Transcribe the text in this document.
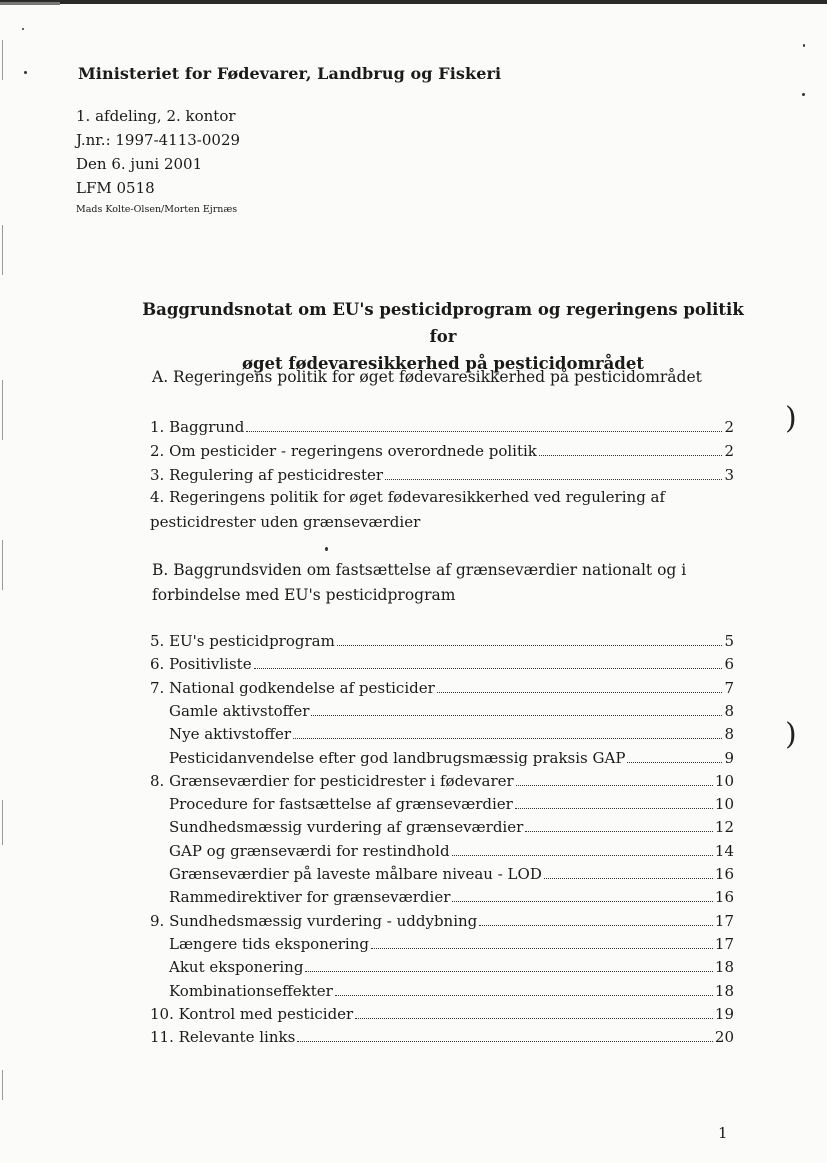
)
)
Ministeriet for Fødevarer, Landbrug og Fiskeri
1. afdeling, 2. kontor
J.nr.: 1997-4113-0029
Den 6. juni 2001
LFM 0518
Mads Kolte-Olsen/Morten Ejrnæs
Baggrundsnotat om EU's pesticidprogram og regeringens politik for
øget fødevaresikkerhed på pesticidområdet
A. Regeringens politik for øget fødevaresikkerhed på pesticidområdet
1. Baggrund	2
2. Om pesticider - regeringens overordnede politik	2
3. Regulering af pesticidrester	3
4. Regeringens politik for øget fødevaresikkerhed ved regulering af
pesticidrester uden grænseværdier
B. Baggrundsviden om fastsættelse af grænseværdier nationalt og i
forbindelse med EU's pesticidprogram
5. EU's pesticidprogram	5
6. Positivliste	6
7. National godkendelse af pesticider	7
Gamle aktivstoffer	8
Nye aktivstoffer	8
Pesticidanvendelse efter god landbrugsmæssig praksis GAP	9
8. Grænseværdier for pesticidrester i fødevarer	10
Procedure for fastsættelse af grænseværdier	10
Sundhedsmæssig vurdering af grænseværdier	12
GAP og grænseværdi for restindhold	14
Grænseværdier på laveste målbare niveau - LOD	16
Rammedirektiver for grænseværdier	16
9. Sundhedsmæssig vurdering - uddybning	17
Længere tids eksponering	17
Akut eksponering	18
Kombinationseffekter	18
10. Kontrol med pesticider	19
11. Relevante links	20
1
